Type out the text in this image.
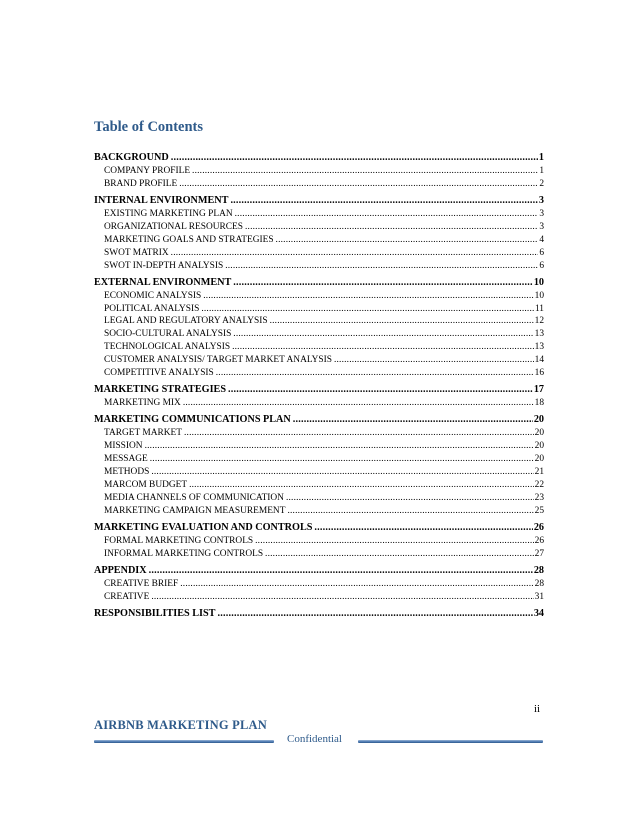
Table of Contents
BACKGROUND .....	1
COMPANY PROFILE .....	1
BRAND PROFILE .....	2
INTERNAL ENVIRONMENT .....	3
EXISTING MARKETING PLAN .....	3
ORGANIZATIONAL RESOURCES .....	3
MARKETING GOALS AND STRATEGIES .....	4
SWOT MATRIX .....	6
SWOT IN-DEPTH ANALYSIS .....	6
EXTERNAL ENVIRONMENT .....	10
ECONOMIC ANALYSIS .....	10
POLITICAL ANALYSIS .....	11
LEGAL AND REGULATORY ANALYSIS .....	12
SOCIO-CULTURAL ANALYSIS .....	13
TECHNOLOGICAL ANALYSIS .....	13
CUSTOMER ANALYSIS/ TARGET MARKET ANALYSIS .....	14
COMPETITIVE ANALYSIS .....	16
MARKETING STRATEGIES .....	17
MARKETING MIX .....	18
MARKETING COMMUNICATIONS PLAN .....	20
TARGET MARKET .....	20
MISSION .....	20
MESSAGE .....	20
METHODS .....	21
MARCOM BUDGET .....	22
MEDIA CHANNELS OF COMMUNICATION .....	23
MARKETING CAMPAIGN MEASUREMENT .....	25
MARKETING EVALUATION AND CONTROLS .....	26
FORMAL MARKETING CONTROLS .....	26
INFORMAL MARKETING CONTROLS .....	27
APPENDIX .....	28
CREATIVE BRIEF .....	28
CREATIVE .....	31
RESPONSIBILITIES LIST .....	34
ii
AIRBNB MARKETING PLAN
Confidential
